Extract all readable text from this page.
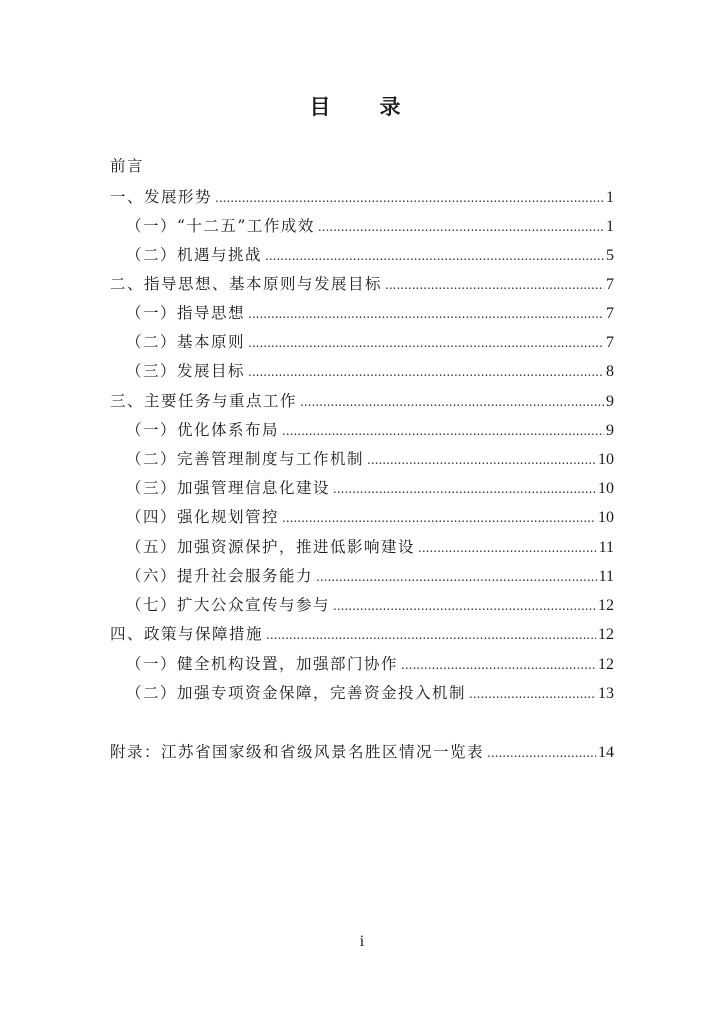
目　录
前言
一、发展形势 .....	1
（一）“十二五”工作成效 .....	1
（二）机遇与挑战 .....	5
二、指导思想、基本原则与发展目标 .....	7
（一）指导思想 .....	7
（二）基本原则 .....	7
（三）发展目标 .....	8
三、主要任务与重点工作 .....	9
（一）优化体系布局 .....	9
（二）完善管理制度与工作机制 .....	10
（三）加强管理信息化建设 .....	10
（四）强化规划管控 .....	10
（五）加强资源保护，推进低影响建设 .....	11
（六）提升社会服务能力 .....	11
（七）扩大公众宣传与参与 .....	12
四、政策与保障措施 .....	12
（一）健全机构设置，加强部门协作 .....	12
（二）加强专项资金保障，完善资金投入机制 .....	13
附录：江苏省国家级和省级风景名胜区情况一览表 .....	14
i
